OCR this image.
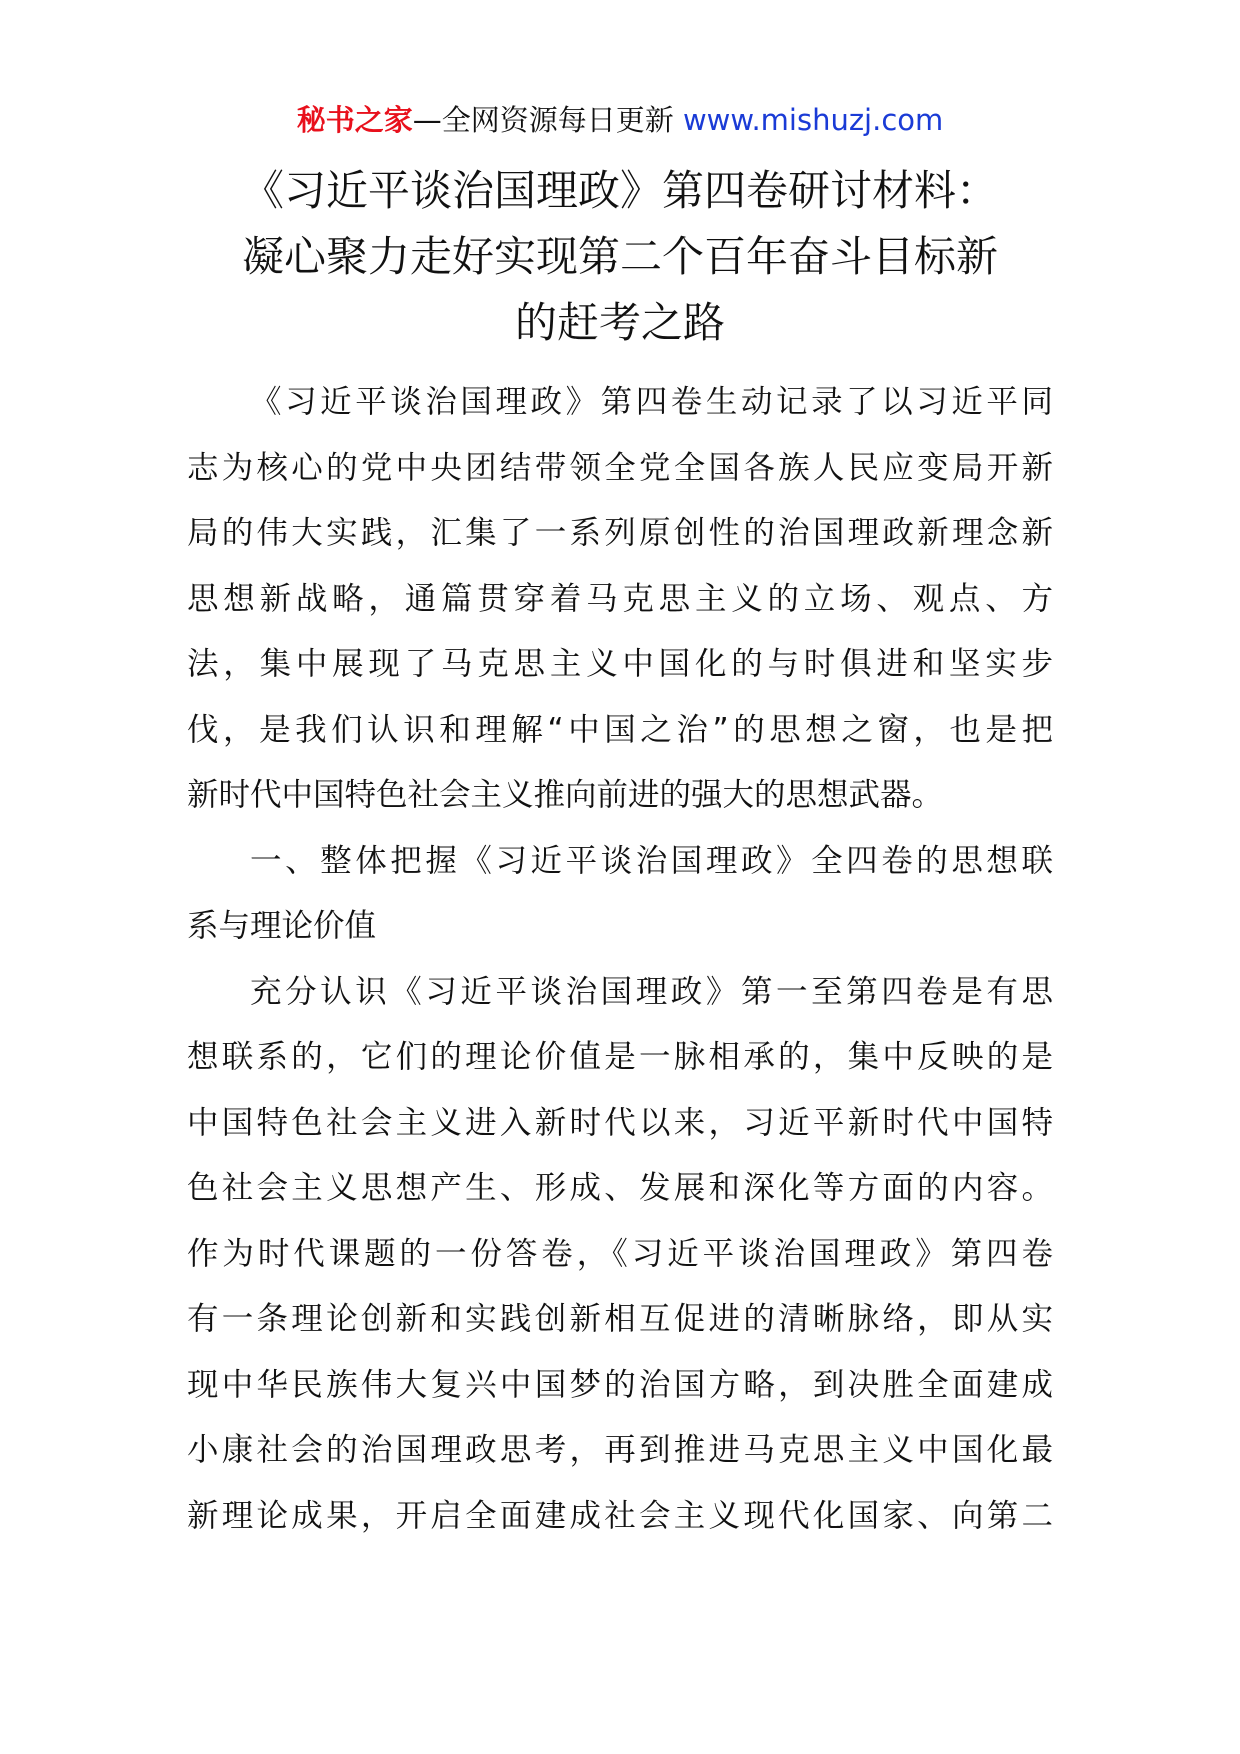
秘书之家—全网资源每日更新 www.mishuzj.com
《习近平谈治国理政》第四卷研讨材料：
凝心聚力走好实现第二个百年奋斗目标新
的赶考之路
《习近平谈治国理政》第四卷生动记录了以习近平同
志为核心的党中央团结带领全党全国各族人民应变局开新
局的伟大实践，汇集了一系列原创性的治国理政新理念新
思想新战略，通篇贯穿着马克思主义的立场、观点、方
法，集中展现了马克思主义中国化的与时俱进和坚实步
伐，是我们认识和理解“中国之治”的思想之窗，也是把
新时代中国特色社会主义推向前进的强大的思想武器。
一、整体把握《习近平谈治国理政》全四卷的思想联
系与理论价值
充分认识《习近平谈治国理政》第一至第四卷是有思
想联系的，它们的理论价值是一脉相承的，集中反映的是
中国特色社会主义进入新时代以来，习近平新时代中国特
色社会主义思想产生、形成、发展和深化等方面的内容。
作为时代课题的一份答卷，《习近平谈治国理政》第四卷
有一条理论创新和实践创新相互促进的清晰脉络，即从实
现中华民族伟大复兴中国梦的治国方略，到决胜全面建成
小康社会的治国理政思考，再到推进马克思主义中国化最
新理论成果，开启全面建成社会主义现代化国家、向第二
